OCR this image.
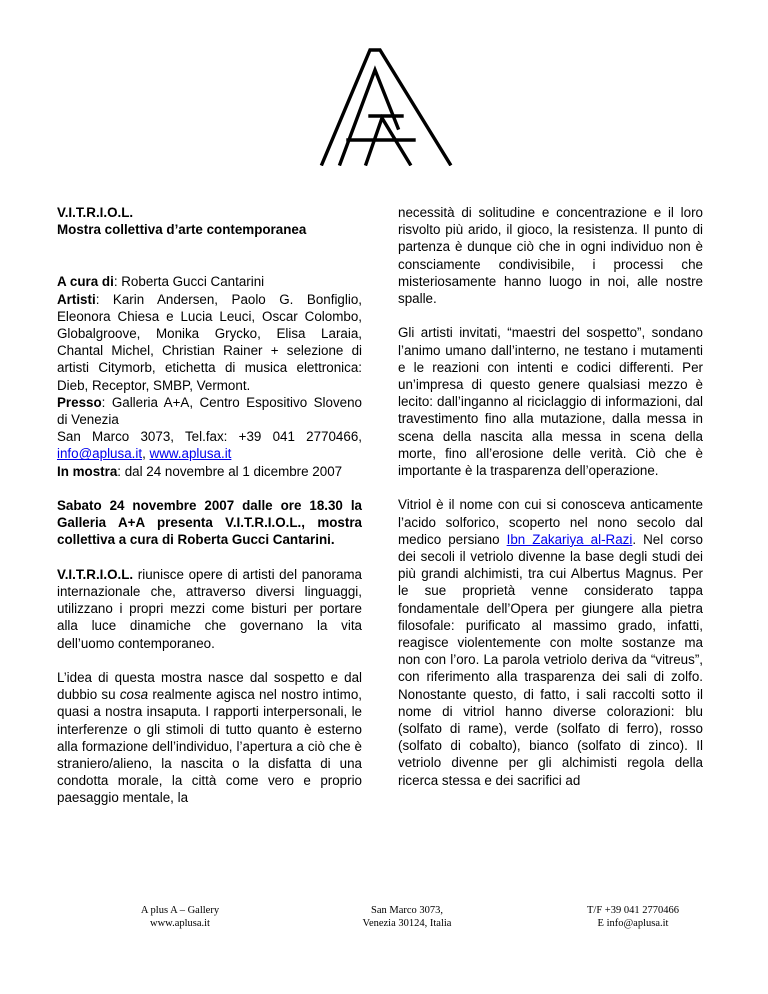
V.I.T.R.I.O.L.

Mostra collettiva d’arte contemporanea

A cura di: Roberta Gucci Cantarini
Artisti: Karin Andersen, Paolo G. Bonfiglio, Eleonora Chiesa e Lucia Leuci, Oscar Colombo, Globalgroove, Monika Grycko, Elisa Laraia, Chantal Michel, Christian Rainer + selezione di artisti Citymorb, etichetta di musica elettronica: Dieb, Receptor, SMBP, Vermont.
Presso: Galleria A+A, Centro Espositivo Sloveno di Venezia
San Marco 3073, Tel.fax: +39 041 2770466, info@aplusa.it, www.aplusa.it
In mostra: dal 24 novembre al 1 dicembre 2007

Sabato 24 novembre 2007 dalle ore 18.30 la Galleria A+A presenta V.I.T.R.I.O.L., mostra collettiva a cura di Roberta Gucci Cantarini.

V.I.T.R.I.O.L. riunisce opere di artisti del panorama internazionale che, attraverso diversi linguaggi, utilizzano i propri mezzi come bisturi per portare alla luce dinamiche che governano la vita dell’uomo contemporaneo.

L’idea di questa mostra nasce dal sospetto e dal dubbio su cosa realmente agisca nel nostro intimo, quasi a nostra insaputa. I rapporti interpersonali, le interferenze o gli stimoli di tutto quanto è esterno alla formazione dell’individuo, l’apertura a ciò che è straniero/alieno, la nascita o la disfatta di una condotta morale, la città come vero e proprio paesaggio mentale, la

necessità di solitudine e concentrazione e il loro risvolto più arido, il gioco, la resistenza. Il punto di partenza è dunque ciò che in ogni individuo non è consciamente condivisibile, i processi che misteriosamente hanno luogo in noi, alle nostre spalle.

Gli artisti invitati, “maestri del sospetto”, sondano l’animo umano dall’interno, ne testano i mutamenti e le reazioni con intenti e codici differenti. Per un’impresa di questo genere qualsiasi mezzo è lecito: dall’inganno al riciclaggio di informazioni, dal travestimento fino alla mutazione, dalla messa in scena della nascita alla messa in scena della morte, fino all’erosione delle verità. Ciò che è importante è la trasparenza dell’operazione.

Vitriol è il nome con cui si conosceva anticamente l’acido solforico, scoperto nel nono secolo dal medico persiano Ibn Zakariya al-Razi. Nel corso dei secoli il vetriolo divenne la base degli studi dei più grandi alchimisti, tra cui Albertus Magnus. Per le sue proprietà venne considerato tappa fondamentale dell’Opera per giungere alla pietra filosofale: purificato al massimo grado, infatti, reagisce violentemente con molte sostanze ma non con l’oro. La parola vetriolo deriva da “vitreus”, con riferimento alla trasparenza dei sali di zolfo. Nonostante questo, di fatto, i sali raccolti sotto il nome di vitriol hanno diverse colorazioni: blu (solfato di rame), verde (solfato di ferro), rosso (solfato di cobalto), bianco (solfato di zinco). Il vetriolo divenne per gli alchimisti regola della ricerca stessa e dei sacrifici ad

A plus A – Gallery
www.aplusa.it
San Marco 3073,
Venezia 30124, Italia
T/F +39 041 2770466
E info@aplusa.it
